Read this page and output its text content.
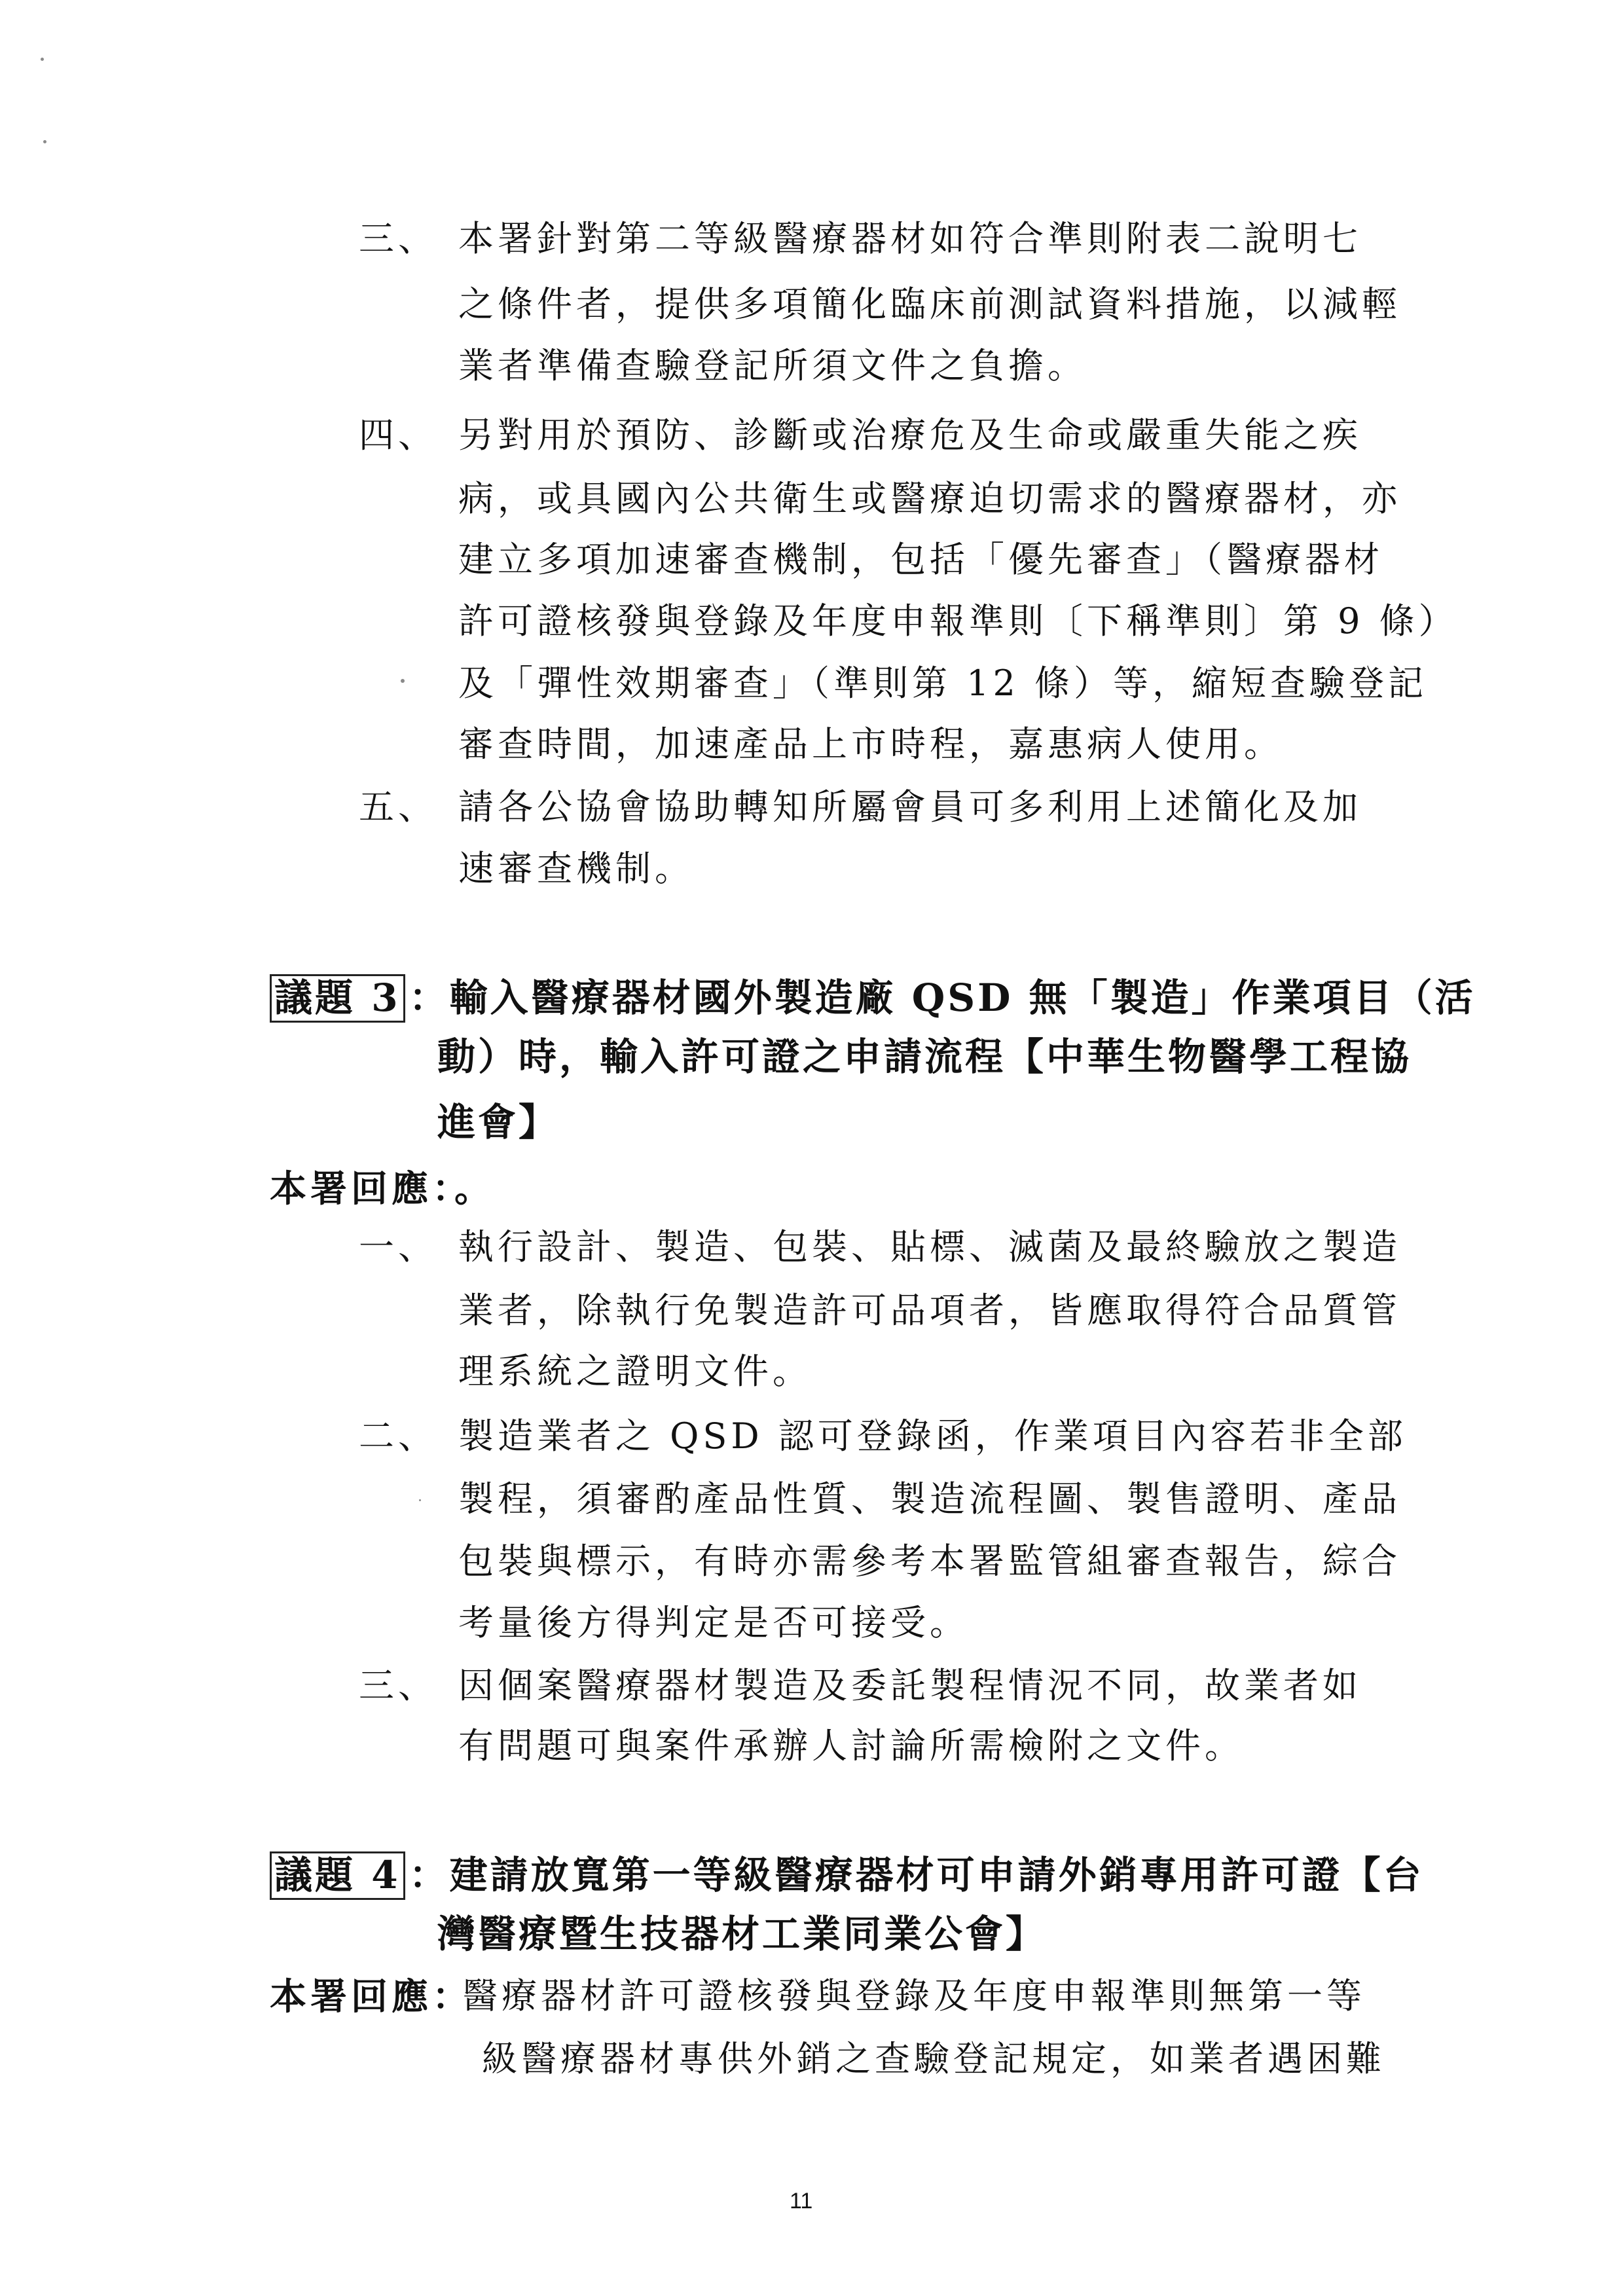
三、 本署針對第二等級醫療器材如符合準則附表二說明七
之條件者，提供多項簡化臨床前測試資料措施，以減輕
業者準備查驗登記所須文件之負擔。
四、 另對用於預防、診斷或治療危及生命或嚴重失能之疾
病，或具國內公共衛生或醫療迫切需求的醫療器材，亦
建立多項加速審查機制，包括「優先審查」（醫療器材
許可證核發與登錄及年度申報準則〔下稱準則〕第 9 條）
及「彈性效期審查」（準則第 12 條）等，縮短查驗登記
審查時間，加速產品上市時程，嘉惠病人使用。
五、 請各公協會協助轉知所屬會員可多利用上述簡化及加
速審查機制。
議題 3 ：輸入醫療器材國外製造廠 QSD 無「製造」作業項目（活
動）時，輸入許可證之申請流程【中華生物醫學工程協
進會】
本署回應：。
一、 執行設計、製造、包裝、貼標、滅菌及最終驗放之製造
業者，除執行免製造許可品項者，皆應取得符合品質管
理系統之證明文件。
二、 製造業者之 QSD 認可登錄函，作業項目內容若非全部
製程，須審酌產品性質、製造流程圖、製售證明、產品
包裝與標示，有時亦需參考本署監管組審查報告，綜合
考量後方得判定是否可接受。
三、 因個案醫療器材製造及委託製程情況不同，故業者如
有問題可與案件承辦人討論所需檢附之文件。
議題 4 ：建請放寬第一等級醫療器材可申請外銷專用許可證【台
灣醫療暨生技器材工業同業公會】
本署回應：
醫療器材許可證核發與登錄及年度申報準則無第一等
級醫療器材專供外銷之查驗登記規定，如業者遇困難
11
